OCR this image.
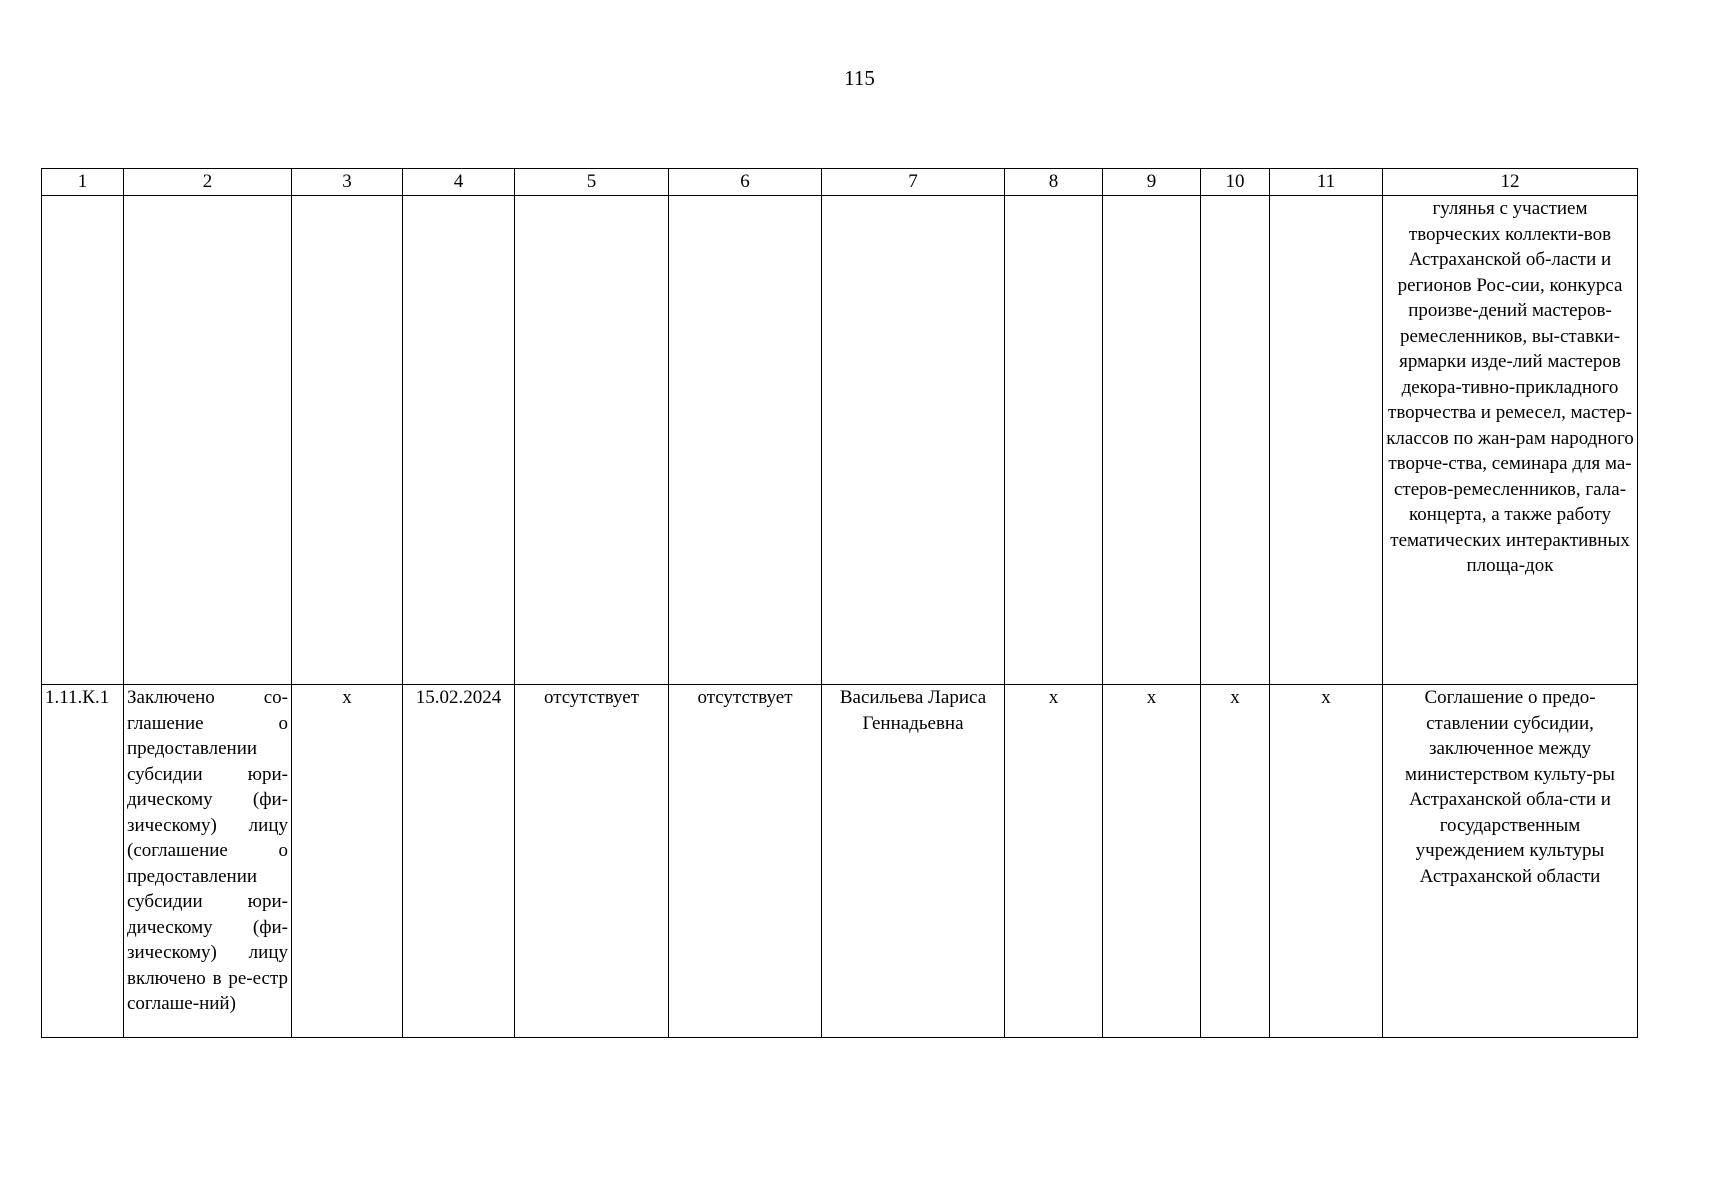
115
1	2	3	4	5	6	7	8	9	10	11	12
											гулянья с участием творческих коллекти-вов Астраханской об-ласти и регионов Рос-сии, конкурса произве-дений мастеров-ремесленников, вы-ставки-ярмарки изде-лий мастеров декора-тивно-прикладного творчества и ремесел, мастер-классов по жан-рам народного творче-ства, семинара для ма-стеров-ремесленников, гала-концерта, а также работу тематических интерактивных площа-док
1.11.К.1	Заключено со-глашение о предоставлении субсидии юри-дическому (фи-зическому) лицу (соглашение о предоставлении субсидии юри-дическому (фи-зическому) лицу включено в ре-естр соглаше-ний)	x	15.02.2024	отсутствует	отсутствует	Васильева Лариса Геннадьевна	x	x	x	x	Соглашение о предо-ставлении субсидии, заключенное между министерством культу-ры Астраханской обла-сти и государственным учреждением культуры Астраханской области
